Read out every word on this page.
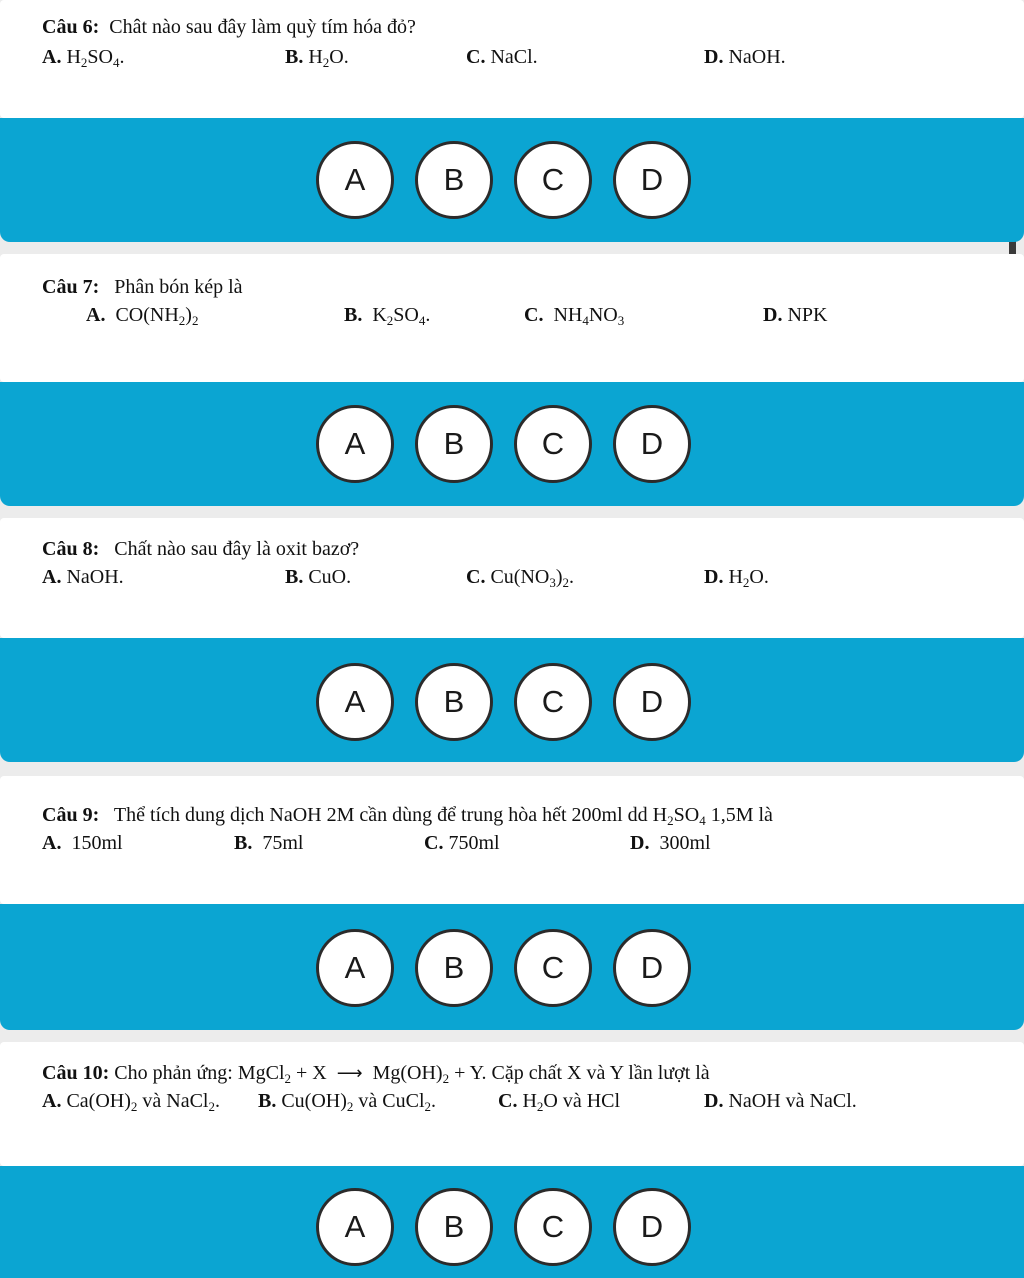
Câu 6: Chât nào sau đây làm quỳ tím hóa đỏ?
A. $H_2SO_4$.	B. $H_2O$.	C. NaCl.	D. NaOH.
A	B	C	D
Câu 7: Phân bón kép là
A. $CO(NH_2)_2$	B. $K_2SO_4$.	C. $NH_4NO_3$	D. NPK
A	B	C	D
Câu 8: Chất nào sau đây là oxit bazơ?
A. NaOH.	B. CuO.	C. $Cu(NO_3)_2$.	D. $H_2O$.
A	B	C	D
Câu 9: Thể tích dung dịch NaOH 2M cần dùng để trung hòa hết 200ml dd $H_2SO_4$ 1,5M là
A. 150ml	B. 75ml	C. 750ml	D. 300ml
A	B	C	D
Câu 10: Cho phản ứng: MgCl$_2$ + X ⟶ $Mg(OH)_2 + Y$. Cặp chất X và Y lần lượt là
A. $Ca(OH)_2$ và NaCl$_2$. B. $Cu(OH)_2$ và CuCl$_2$.	C. $H_2O$ và HCl	D. NaOH và NaCl.
A	B	C	D
